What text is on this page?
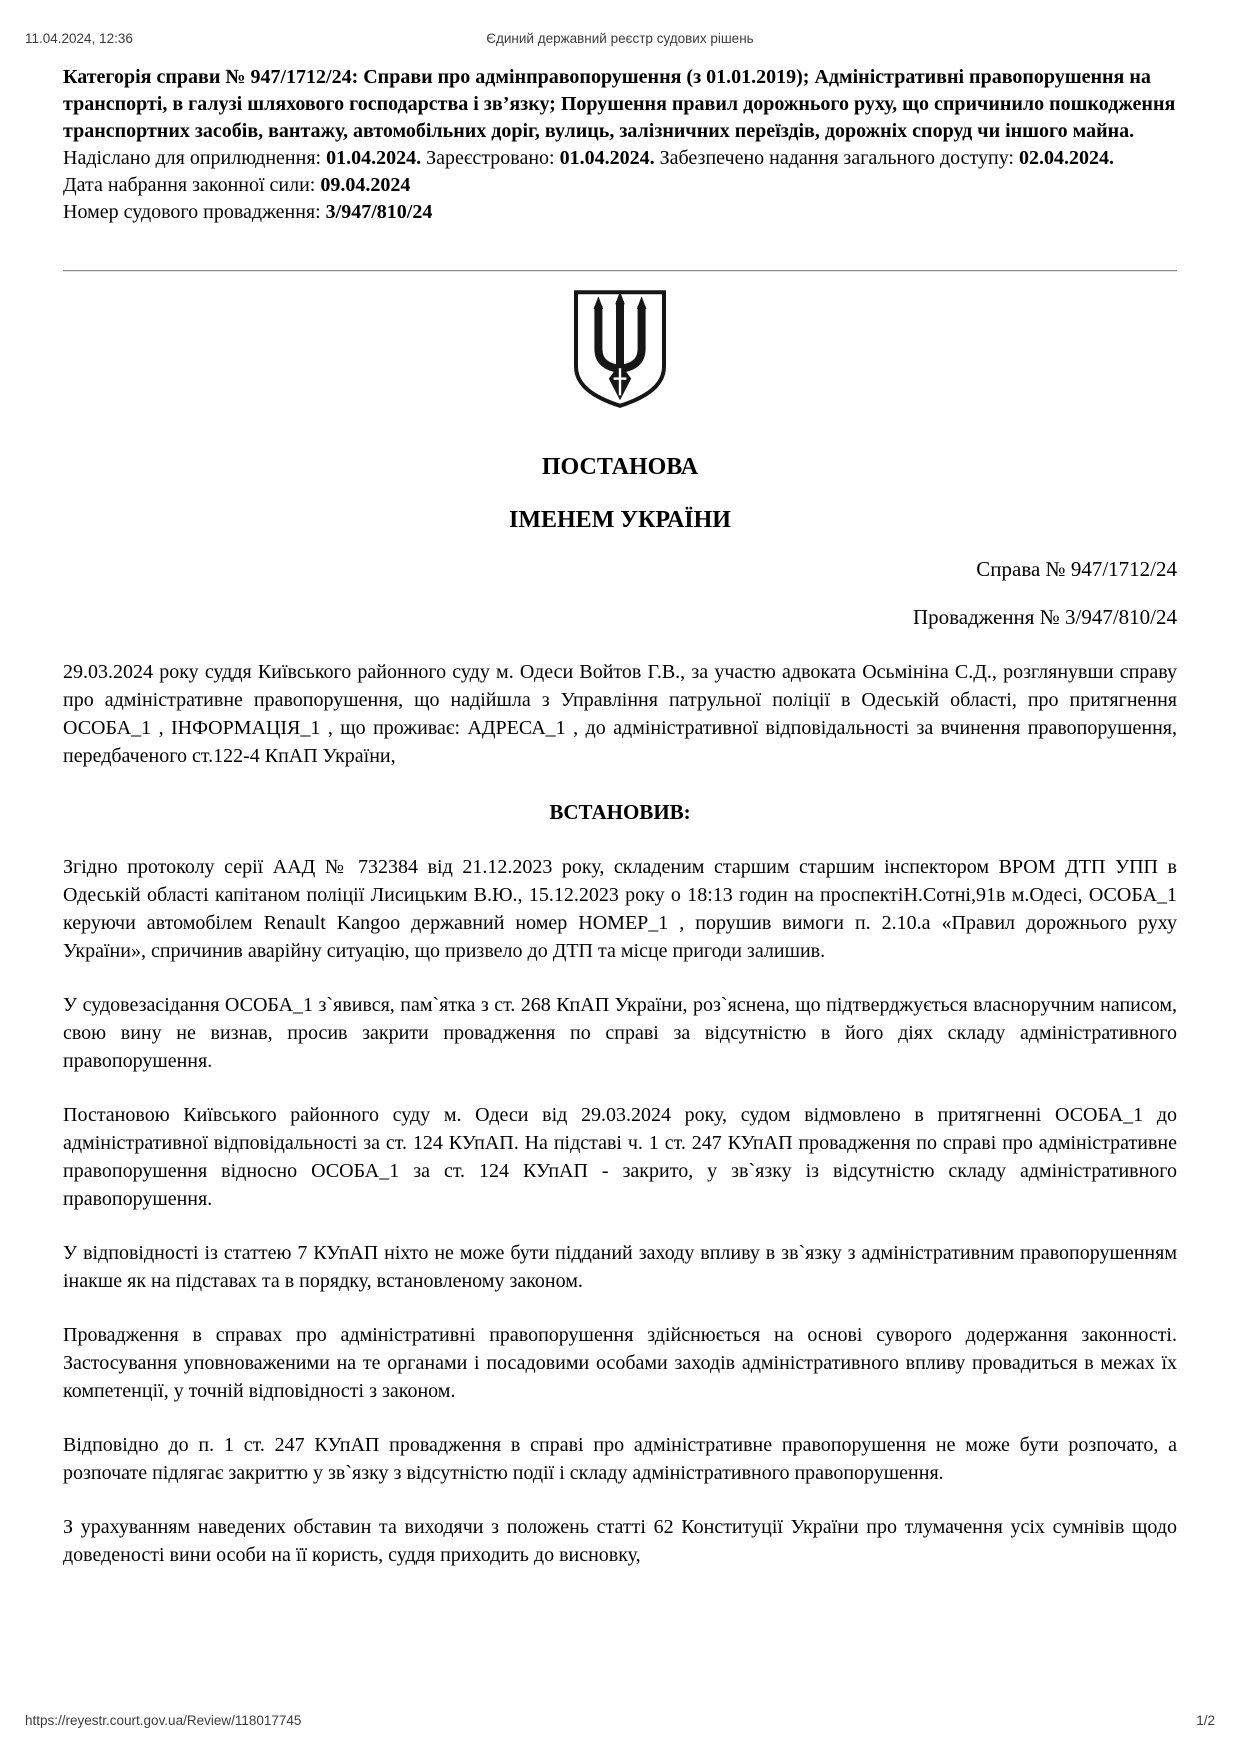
11.04.2024, 12:36	Єдиний державний реєстр судових рішень

Категорія справи № 947/1712/24: Справи про адмінправопорушення (з 01.01.2019); Адміністративні правопорушення на транспорті, в галузі шляхового господарства і зв’язку; Порушення правил дорожнього руху, що спричинило пошкодження транспортних засобів, вантажу, автомобільних доріг, вулиць, залізничних переїздів, дорожніх споруд чи іншого майна.

Надіслано для оприлюднення: 01.04.2024. Зареєстровано: 01.04.2024. Забезпечено надання загального доступу: 02.04.2024.

Дата набрання законної сили: 09.04.2024

Номер судового провадження: 3/947/810/24

ПОСТАНОВА
ІМЕНЕМ УКРАЇНИ
Справа № 947/1712/24
Провадження № 3/947/810/24

29.03.2024 року суддя Київського районного суду м. Одеси Войтов Г.В., за участю адвоката Осьмініна С.Д., розглянувши справу про адміністративне правопорушення, що надійшла з Управління патрульної поліції в Одеській області, про притягнення ОСОБА_1 , ІНФОРМАЦІЯ_1 , що проживає: АДРЕСА_1 , до адміністративної відповідальності за вчинення правопорушення, передбаченого ст.122-4 КпАП України,

ВСТАНОВИВ:

Згідно протоколу серії ААД № 732384 від 21.12.2023 року, складеним старшим старшим інспектором ВРОМ ДТП УПП в Одеській області капітаном поліції Лисицьким В.Ю., 15.12.2023 року о 18:13 годин на проспектіН.Сотні,91в м.Одесі, ОСОБА_1 керуючи автомобілем Renault Kangoo державний номер НОМЕР_1 , порушив вимоги п. 2.10.а «Правил дорожнього руху України», спричинив аварійну ситуацію, що призвело до ДТП та місце пригоди залишив.

У судовезасідання ОСОБА_1 з`явився, пам`ятка з ст. 268 КпАП України, роз`яснена, що підтверджується власноручним написом, свою вину не визнав, просив закрити провадження по справі за відсутністю в його діях складу адміністративного правопорушення.

Постановою Київського районного суду м. Одеси від 29.03.2024 року, судом відмовлено в притягненні ОСОБА_1 до адміністративної відповідальності за ст. 124 КУпАП. На підставі ч. 1 ст. 247 КУпАП провадження по справі про адміністративне правопорушення відносно ОСОБА_1 за ст. 124 КУпАП - закрито, у зв`язку із відсутністю складу адміністративного правопорушення.

У відповідності із статтею 7 КУпАП ніхто не може бути підданий заходу впливу в зв`язку з адміністративним правопорушенням інакше як на підставах та в порядку, встановленому законом.

Провадження в справах про адміністративні правопорушення здійснюється на основі суворого додержання законності. Застосування уповноваженими на те органами і посадовими особами заходів адміністративного впливу провадиться в межах їх компетенції, у точній відповідності з законом.

Відповідно до п. 1 ст. 247 КУпАП провадження в справі про адміністративне правопорушення не може бути розпочато, а розпочате підлягає закриттю у зв`язку з відсутністю події і складу адміністративного правопорушення.

З урахуванням наведених обставин та виходячи з положень статті 62 Конституції України про тлумачення усіх сумнівів щодо доведеності вини особи на її користь, суддя приходить до висновку,

https://reyestr.court.gov.ua/Review/118017745	1/2
